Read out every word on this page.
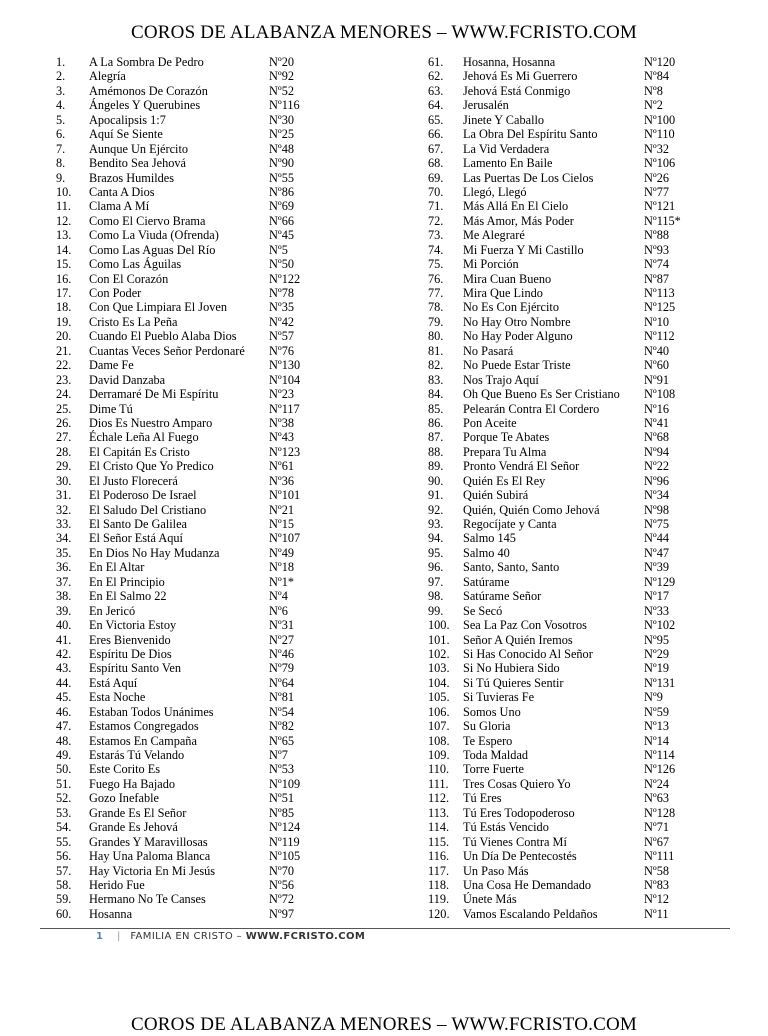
COROS DE ALABANZA MENORES – WWW.FCRISTO.COM
1. A La Sombra De Pedro	Nº20
2. Alegría	Nº92
3. Amémonos De Corazón	Nº52
4. Ángeles Y Querubines	Nº116
5. Apocalipsis 1:7	Nº30
6. Aquí Se Siente	Nº25
7. Aunque Un Ejército	Nº48
8. Bendito Sea Jehová	Nº90
9. Brazos Humildes	Nº55
10. Canta A Dios	Nº86
11. Clama A Mí	Nº69
12. Como El Ciervo Brama	Nº66
13. Como La Viuda (Ofrenda)	Nº45
14. Como Las Aguas Del Río	Nº5
15. Como Las Águilas	Nº50
16. Con El Corazón	Nº122
17. Con Poder	Nº78
18. Con Que Limpiara El Joven	Nº35
19. Cristo Es La Peña	Nº42
20. Cuando El Pueblo Alaba Dios	Nº57
21. Cuantas Veces Señor Perdonaré Nº76
22. Dame Fe	Nº130
23. David Danzaba	Nº104
24. Derramaré De Mi Espíritu	Nº23
25. Dime Tú	Nº117
26. Dios Es Nuestro Amparo	Nº38
27. Échale Leña Al Fuego	Nº43
28. El Capitán Es Cristo	Nº123
29. El Cristo Que Yo Predico	Nº61
30. El Justo Florecerá	Nº36
31. El Poderoso De Israel	Nº101
32. El Saludo Del Cristiano	Nº21
33. El Santo De Galilea	Nº15
34. El Señor Está Aquí	Nº107
35. En Dios No Hay Mudanza	Nº49
36. En El Altar	Nº18
37. En El Principio	Nº1*
38. En El Salmo 22	Nº4
39. En Jericó	Nº6
40. En Victoria Estoy	Nº31
41. Eres Bienvenido	Nº27
42. Espíritu De Dios	Nº46
43. Espíritu Santo Ven	Nº79
44. Está Aquí	Nº64
45. Esta Noche	Nº81
46. Estaban Todos Unánimes	Nº54
47. Estamos Congregados	Nº82
48. Estamos En Campaña	Nº65
49. Estarás Tú Velando	Nº7
50. Este Corito Es	Nº53
51. Fuego Ha Bajado	Nº109
52. Gozo Inefable	Nº51
53. Grande Es El Señor	Nº85
54. Grande Es Jehová	Nº124
55. Grandes Y Maravillosas	Nº119
56. Hay Una Paloma Blanca	Nº105
57. Hay Victoria En Mi Jesús	Nº70
58. Herido Fue	Nº56
59. Hermano No Te Canses	Nº72
60. Hosanna	Nº97
61. Hosanna, Hosanna	Nº120
62. Jehová Es Mi Guerrero	Nº84
63. Jehová Está Conmigo	Nº8
64. Jerusalén	Nº2
65. Jinete Y Caballo	Nº100
66. La Obra Del Espíritu Santo	Nº110
67. La Vid Verdadera	Nº32
68. Lamento En Baile	Nº106
69. Las Puertas De Los Cielos	Nº26
70. Llegó, Llegó	Nº77
71. Más Allá En El Cielo	Nº121
72. Más Amor, Más Poder	Nº115*
73. Me Alegraré	Nº88
74. Mi Fuerza Y Mi Castillo	Nº93
75. Mi Porción	Nº74
76. Mira Cuan Bueno	Nº87
77. Mira Que Lindo	Nº113
78. No Es Con Ejército	Nº125
79. No Hay Otro Nombre	Nº10
80. No Hay Poder Alguno	Nº112
81. No Pasará	Nº40
82. No Puede Estar Triste	Nº60
83. Nos Trajo Aquí	Nº91
84. Oh Que Bueno Es Ser Cristiano Nº108
85. Pelearán Contra El Cordero	Nº16
86. Pon Aceite	Nº41
87. Porque Te Abates	Nº68
88. Prepara Tu Alma	Nº94
89. Pronto Vendrá El Señor	Nº22
90. Quién Es El Rey	Nº96
91. Quién Subirá	Nº34
92. Quién, Quién Como Jehová	Nº98
93. Regocíjate y Canta	Nº75
94. Salmo 145	Nº44
95. Salmo 40	Nº47
96. Santo, Santo, Santo	Nº39
97. Satúrame	Nº129
98. Satúrame Señor	Nº17
99. Se Secó	Nº33
100. Sea La Paz Con Vosotros	Nº102
101. Señor A Quién Iremos	Nº95
102. Si Has Conocido Al Señor	Nº29
103. Si No Hubiera Sido	Nº19
104. Si Tú Quieres Sentir	Nº131
105. Si Tuvieras Fe	Nº9
106. Somos Uno	Nº59
107. Su Gloria	Nº13
108. Te Espero	Nº14
109. Toda Maldad	Nº114
110. Torre Fuerte	Nº126
111. Tres Cosas Quiero Yo	Nº24
112. Tú Eres	Nº63
113. Tú Eres Todopoderoso	Nº128
114. Tú Estás Vencido	Nº71
115. Tú Vienes Contra Mí	Nº67
116. Un Día De Pentecostés	Nº111
117. Un Paso Más	Nº58
118. Una Cosa He Demandado	Nº83
119. Únete Más	Nº12
120. Vamos Escalando Peldaños	Nº11
1 | FAMILIA EN CRISTO – WWW.FCRISTO.COM
COROS DE ALABANZA MENORES – WWW.FCRISTO.COM
